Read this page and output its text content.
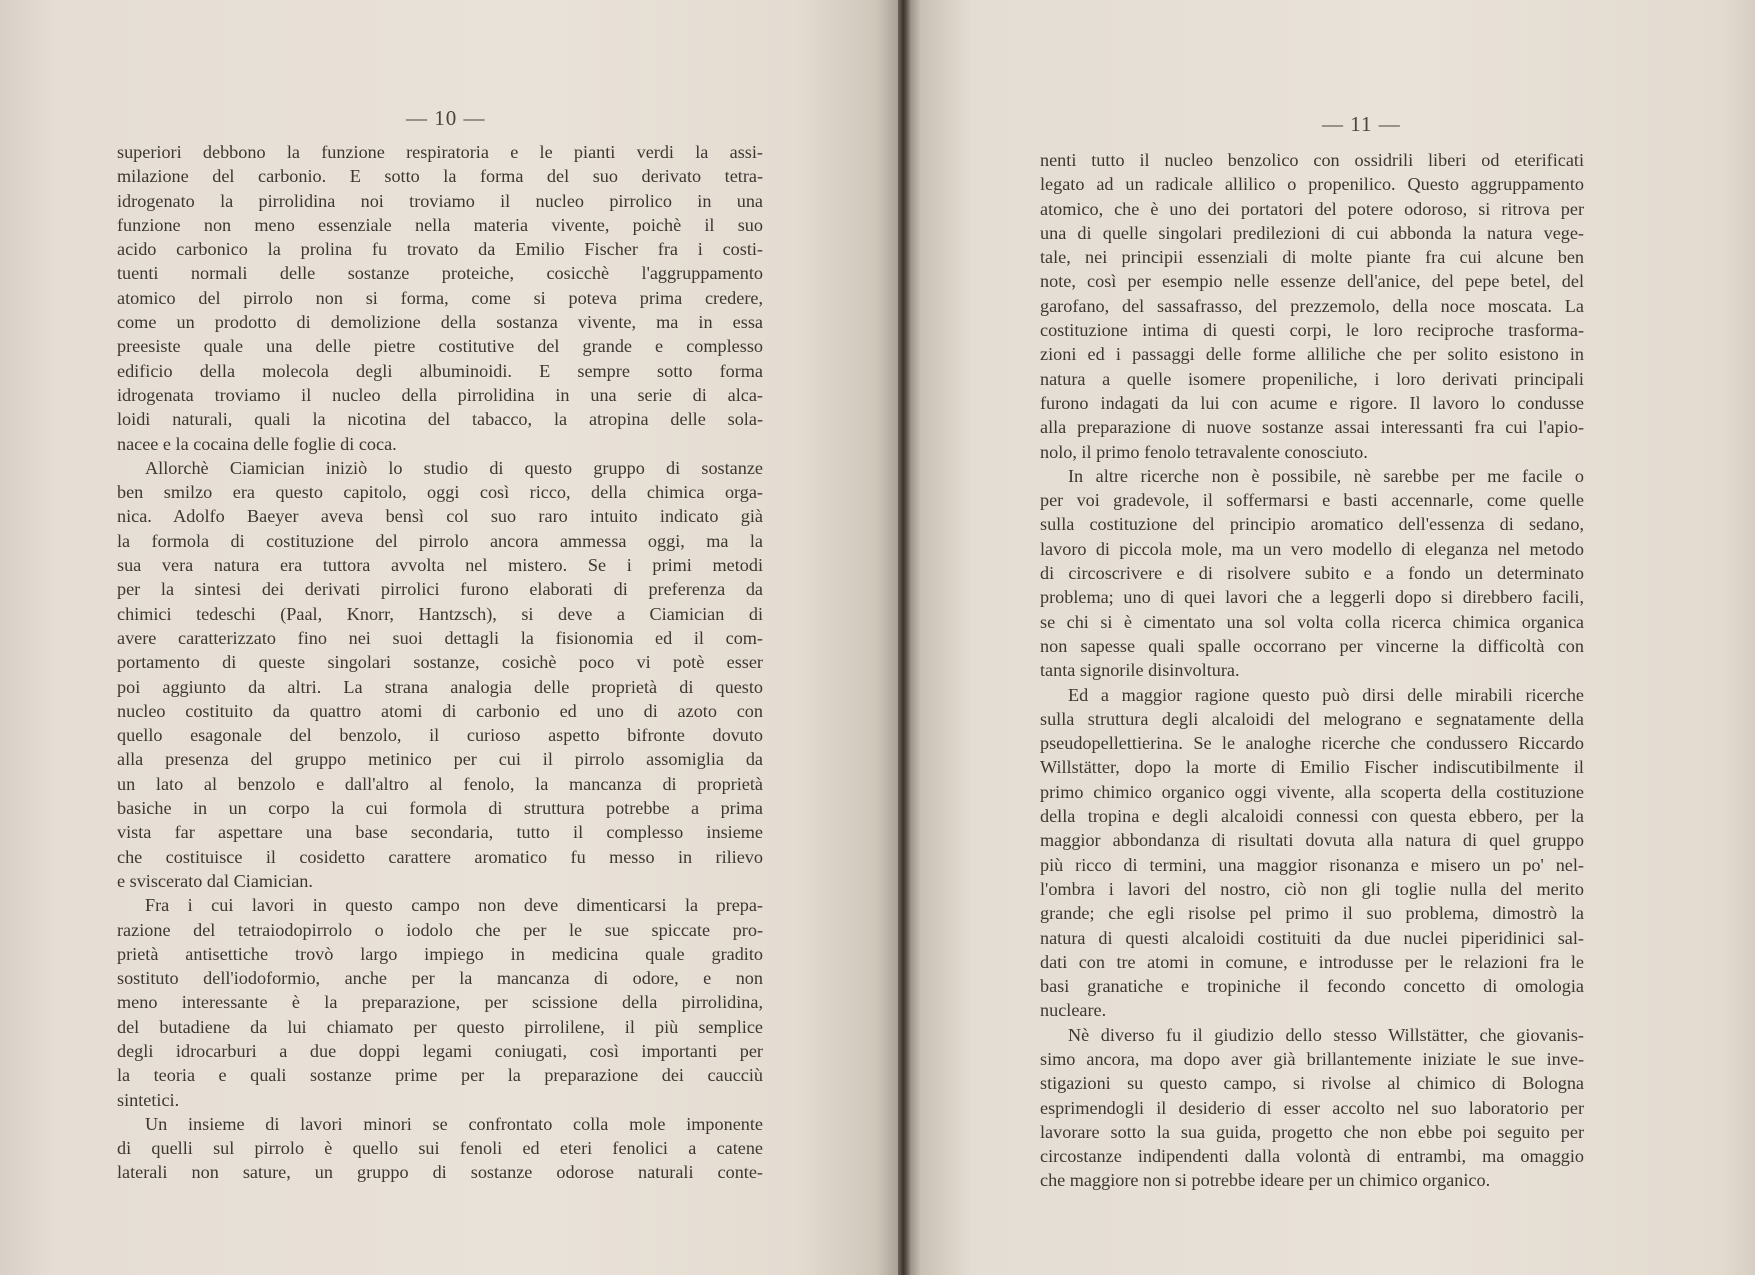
— 10 —
superiori debbono la funzione respiratoria e le pianti verdi la assi-
milazione del carbonio. E sotto la forma del suo derivato tetra-
idrogenato la pirrolidina noi troviamo il nucleo pirrolico in una
funzione non meno essenziale nella materia vivente, poichè il suo
acido carbonico la prolina fu trovato da Emilio Fischer fra i costi-
tuenti normali delle sostanze proteiche, cosicchè l'aggruppamento
atomico del pirrolo non si forma, come si poteva prima credere,
come un prodotto di demolizione della sostanza vivente, ma in essa
preesiste quale una delle pietre costitutive del grande e complesso
edificio della molecola degli albuminoidi. E sempre sotto forma
idrogenata troviamo il nucleo della pirrolidina in una serie di alca-
loidi naturali, quali la nicotina del tabacco, la atropina delle sola-
nacee e la cocaina delle foglie di coca.
Allorchè Ciamician iniziò lo studio di questo gruppo di sostanze
ben smilzo era questo capitolo, oggi così ricco, della chimica orga-
nica. Adolfo Baeyer aveva bensì col suo raro intuito indicato già
la formola di costituzione del pirrolo ancora ammessa oggi, ma la
sua vera natura era tuttora avvolta nel mistero. Se i primi metodi
per la sintesi dei derivati pirrolici furono elaborati di preferenza da
chimici tedeschi (Paal, Knorr, Hantzsch), si deve a Ciamician di
avere caratterizzato fino nei suoi dettagli la fisionomia ed il com-
portamento di queste singolari sostanze, cosichè poco vi potè esser
poi aggiunto da altri. La strana analogia delle proprietà di questo
nucleo costituito da quattro atomi di carbonio ed uno di azoto con
quello esagonale del benzolo, il curioso aspetto bifronte dovuto
alla presenza del gruppo metinico per cui il pirrolo assomiglia da
un lato al benzolo e dall'altro al fenolo, la mancanza di proprietà
basiche in un corpo la cui formola di struttura potrebbe a prima
vista far aspettare una base secondaria, tutto il complesso insieme
che costituisce il cosidetto carattere aromatico fu messo in rilievo
e sviscerato dal Ciamician.
Fra i cui lavori in questo campo non deve dimenticarsi la prepa-
razione del tetraiodopirrolo o iodolo che per le sue spiccate pro-
prietà antisettiche trovò largo impiego in medicina quale gradito
sostituto dell'iodoformio, anche per la mancanza di odore, e non
meno interessante è la preparazione, per scissione della pirrolidina,
del butadiene da lui chiamato per questo pirrolilene, il più semplice
degli idrocarburi a due doppi legami coniugati, così importanti per
la teoria e quali sostanze prime per la preparazione dei caucciù
sintetici.
Un insieme di lavori minori se confrontato colla mole imponente
di quelli sul pirrolo è quello sui fenoli ed eteri fenolici a catene
laterali non sature, un gruppo di sostanze odorose naturali conte-
— 11 —
nenti tutto il nucleo benzolico con ossidrili liberi od eterificati
legato ad un radicale allilico o propenilico. Questo aggruppamento
atomico, che è uno dei portatori del potere odoroso, si ritrova per
una di quelle singolari predilezioni di cui abbonda la natura vege-
tale, nei principii essenziali di molte piante fra cui alcune ben
note, così per esempio nelle essenze dell'anice, del pepe betel, del
garofano, del sassafrasso, del prezzemolo, della noce moscata. La
costituzione intima di questi corpi, le loro reciproche trasforma-
zioni ed i passaggi delle forme alliliche che per solito esistono in
natura a quelle isomere propeniliche, i loro derivati principali
furono indagati da lui con acume e rigore. Il lavoro lo condusse
alla preparazione di nuove sostanze assai interessanti fra cui l'apio-
nolo, il primo fenolo tetravalente conosciuto.
In altre ricerche non è possibile, nè sarebbe per me facile o
per voi gradevole, il soffermarsi e basti accennarle, come quelle
sulla costituzione del principio aromatico dell'essenza di sedano,
lavoro di piccola mole, ma un vero modello di eleganza nel metodo
di circoscrivere e di risolvere subito e a fondo un determinato
problema; uno di quei lavori che a leggerli dopo si direbbero facili,
se chi si è cimentato una sol volta colla ricerca chimica organica
non sapesse quali spalle occorrano per vincerne la difficoltà con
tanta signorile disinvoltura.
Ed a maggior ragione questo può dirsi delle mirabili ricerche
sulla struttura degli alcaloidi del melograno e segnatamente della
pseudopellettierina. Se le analoghe ricerche che condussero Riccardo
Willstätter, dopo la morte di Emilio Fischer indiscutibilmente il
primo chimico organico oggi vivente, alla scoperta della costituzione
della tropina e degli alcaloidi connessi con questa ebbero, per la
maggior abbondanza di risultati dovuta alla natura di quel gruppo
più ricco di termini, una maggior risonanza e misero un po' nel-
l'ombra i lavori del nostro, ciò non gli toglie nulla del merito
grande; che egli risolse pel primo il suo problema, dimostrò la
natura di questi alcaloidi costituiti da due nuclei piperidinici sal-
dati con tre atomi in comune, e introdusse per le relazioni fra le
basi granatiche e tropiniche il fecondo concetto di omologia
nucleare.
Nè diverso fu il giudizio dello stesso Willstätter, che giovanis-
simo ancora, ma dopo aver già brillantemente iniziate le sue inve-
stigazioni su questo campo, si rivolse al chimico di Bologna
esprimendogli il desiderio di esser accolto nel suo laboratorio per
lavorare sotto la sua guida, progetto che non ebbe poi seguito per
circostanze indipendenti dalla volontà di entrambi, ma omaggio
che maggiore non si potrebbe ideare per un chimico organico.
